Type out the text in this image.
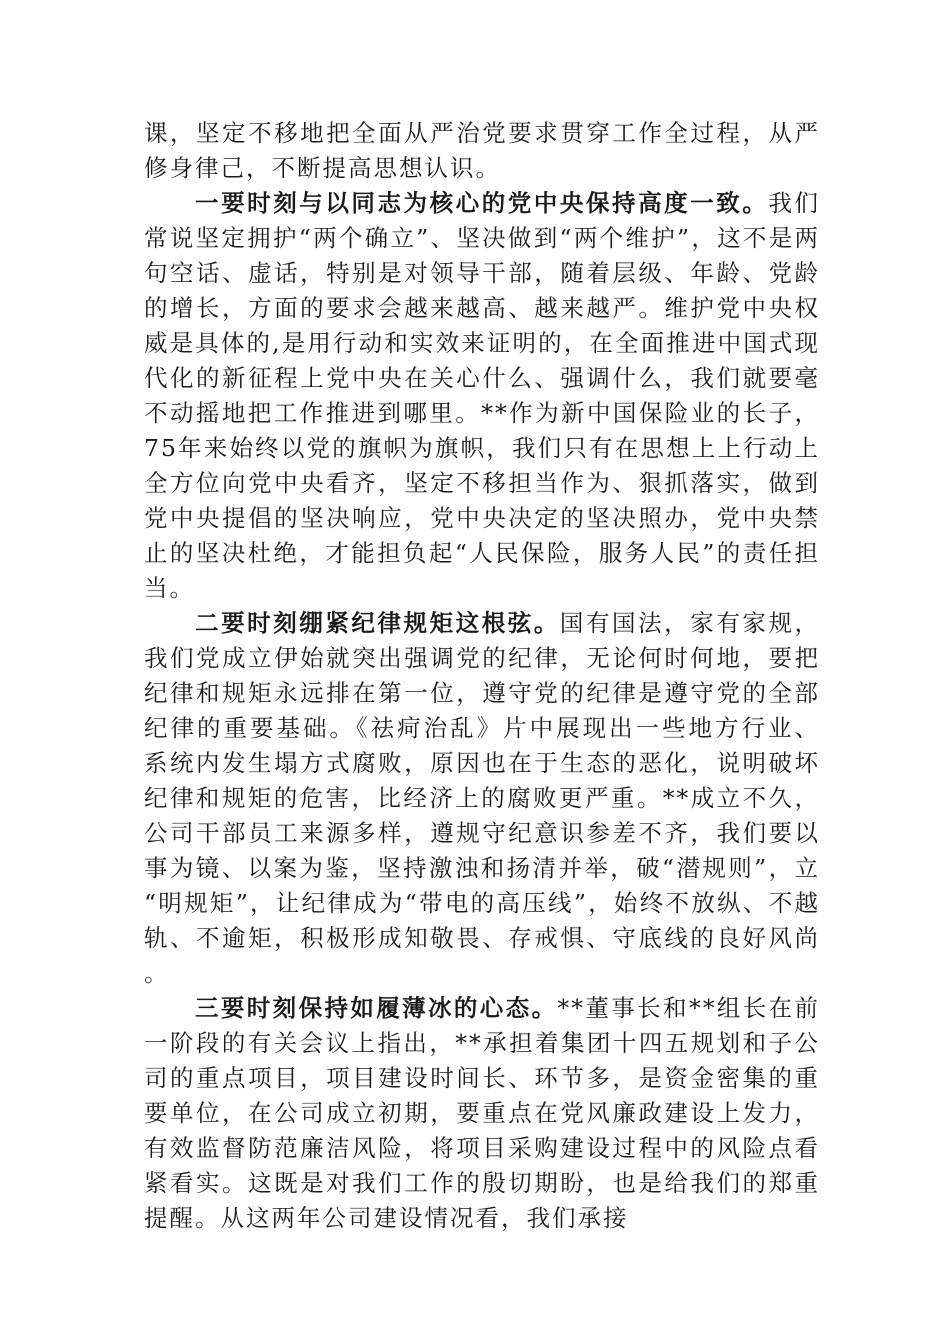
课，坚定不移地把全面从严治党要求贯穿工作全过程，从严修身律己，不断提高思想认识。

一要时刻与以同志为核心的党中央保持高度一致。我们常说坚定拥护“两个确立”、坚决做到“两个维护”，这不是两句空话、虚话，特别是对领导干部，随着层级、年龄、党龄的增长，方面的要求会越来越高、越来越严。维护党中央权威是具体的,是用行动和实效来证明的，在全面推进中国式现代化的新征程上党中央在关心什么、强调什么，我们就要毫不动摇地把工作推进到哪里。**作为新中国保险业的长子，75年来始终以党的旗帜为旗帜，我们只有在思想上上行动上全方位向党中央看齐，坚定不移担当作为、狠抓落实，做到党中央提倡的坚决响应，党中央决定的坚决照办，党中央禁止的坚决杜绝，才能担负起“人民保险，服务人民”的责任担当。

二要时刻绷紧纪律规矩这根弦。国有国法，家有家规，我们党成立伊始就突出强调党的纪律，无论何时何地，要把纪律和规矩永远排在第一位，遵守党的纪律是遵守党的全部纪律的重要基础。《祛疴治乱》片中展现出一些地方行业、系统内发生塌方式腐败，原因也在于生态的恶化，说明破坏纪律和规矩的危害，比经济上的腐败更严重。**成立不久，公司干部员工来源多样，遵规守纪意识参差不齐，我们要以事为镜、以案为鉴，坚持激浊和扬清并举，破“潜规则”，立“明规矩”，让纪律成为“带电的高压线”，始终不放纵、不越轨、不逾矩，积极形成知敬畏、存戒惧、守底线的良好风尚。

三要时刻保持如履薄冰的心态。**董事长和**组长在前一阶段的有关会议上指出，**承担着集团十四五规划和子公司的重点项目，项目建设时间长、环节多，是资金密集的重要单位，在公司成立初期，要重点在党风廉政建设上发力，有效监督防范廉洁风险，将项目采购建设过程中的风险点看紧看实。这既是对我们工作的殷切期盼，也是给我们的郑重提醒。从这两年公司建设情况看，我们承接
